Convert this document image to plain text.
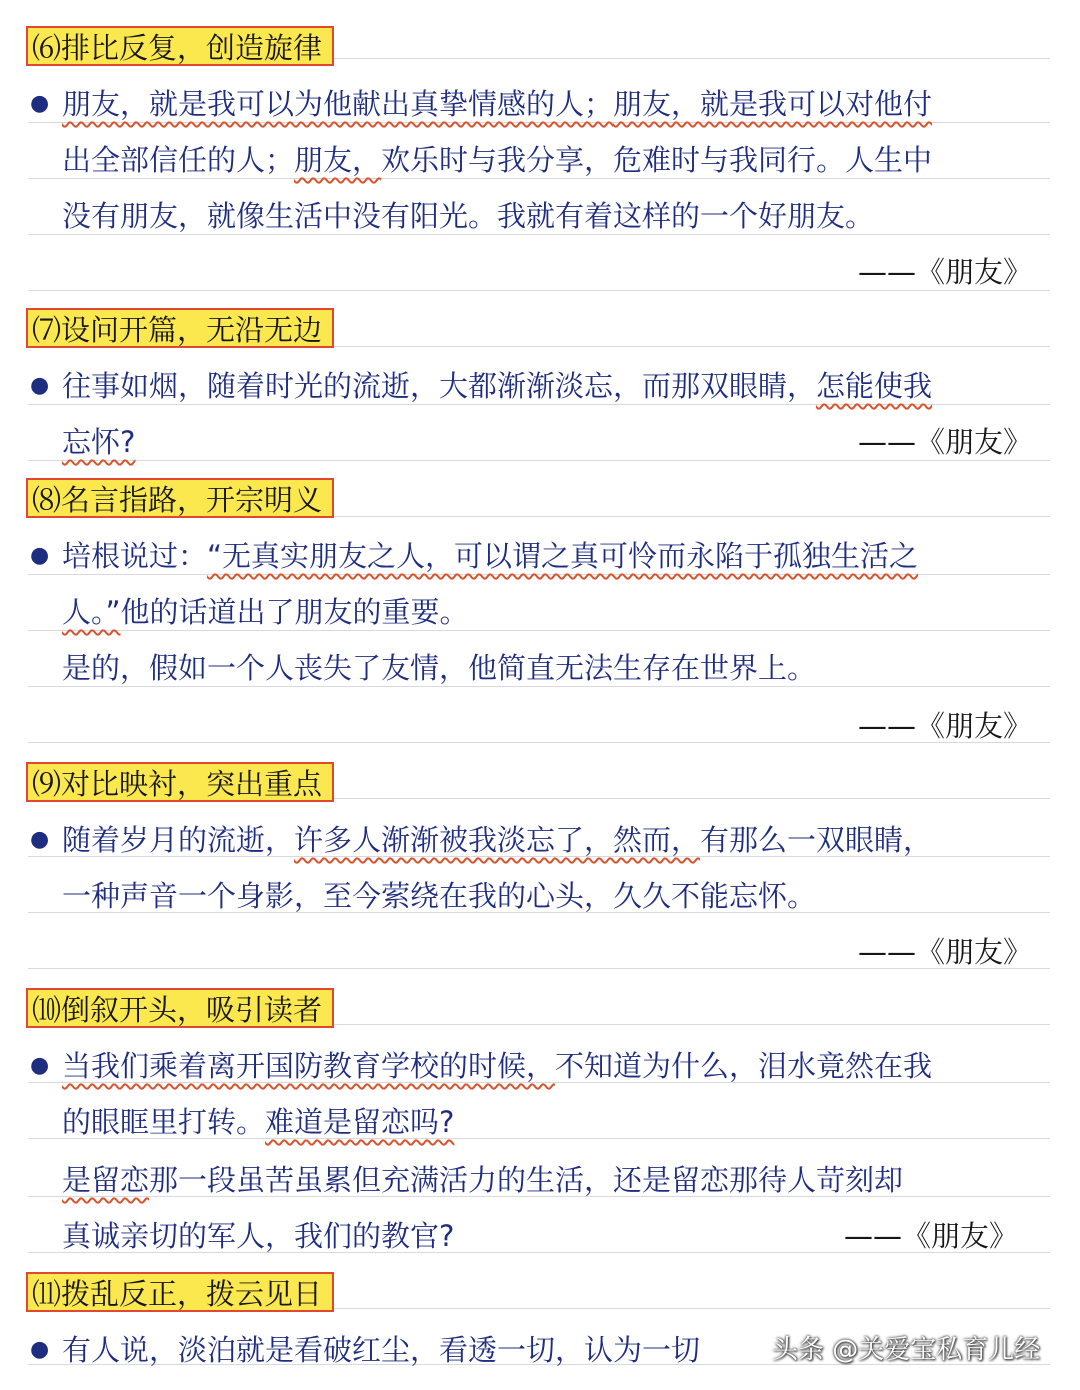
⑹排比反复，创造旋律
● 朋友，就是我可以为他献出真挚情感的人；朋友，就是我可以对他付
出全部信任的人；朋友，欢乐时与我分享，危难时与我同行。人生中
没有朋友，就像生活中没有阳光。我就有着这样的一个好朋友。
——《朋友》
⑺设问开篇，无沿无边
● 往事如烟，随着时光的流逝，大都渐渐淡忘，而那双眼睛，怎能使我
忘怀?	——《朋友》
⑻名言指路，开宗明义
● 培根说过：“无真实朋友之人，可以谓之真可怜而永陷于孤独生活之
人。”他的话道出了朋友的重要。
是的，假如一个人丧失了友情，他简直无法生存在世界上。
——《朋友》
⑼对比映衬，突出重点
● 随着岁月的流逝，许多人渐渐被我淡忘了，然而，有那么一双眼睛，
一种声音一个身影，至今萦绕在我的心头，久久不能忘怀。
——《朋友》
⑽倒叙开头，吸引读者
● 当我们乘着离开国防教育学校的时候，不知道为什么，泪水竟然在我
的眼眶里打转。难道是留恋吗?
是留恋那一段虽苦虽累但充满活力的生活，还是留恋那待人苛刻却
真诚亲切的军人，我们的教官?	——《朋友》
⑾拨乱反正，拨云见日
● 有人说，淡泊就是看破红尘，看透一切，认为一切	头条 @关爱宝私育儿经
